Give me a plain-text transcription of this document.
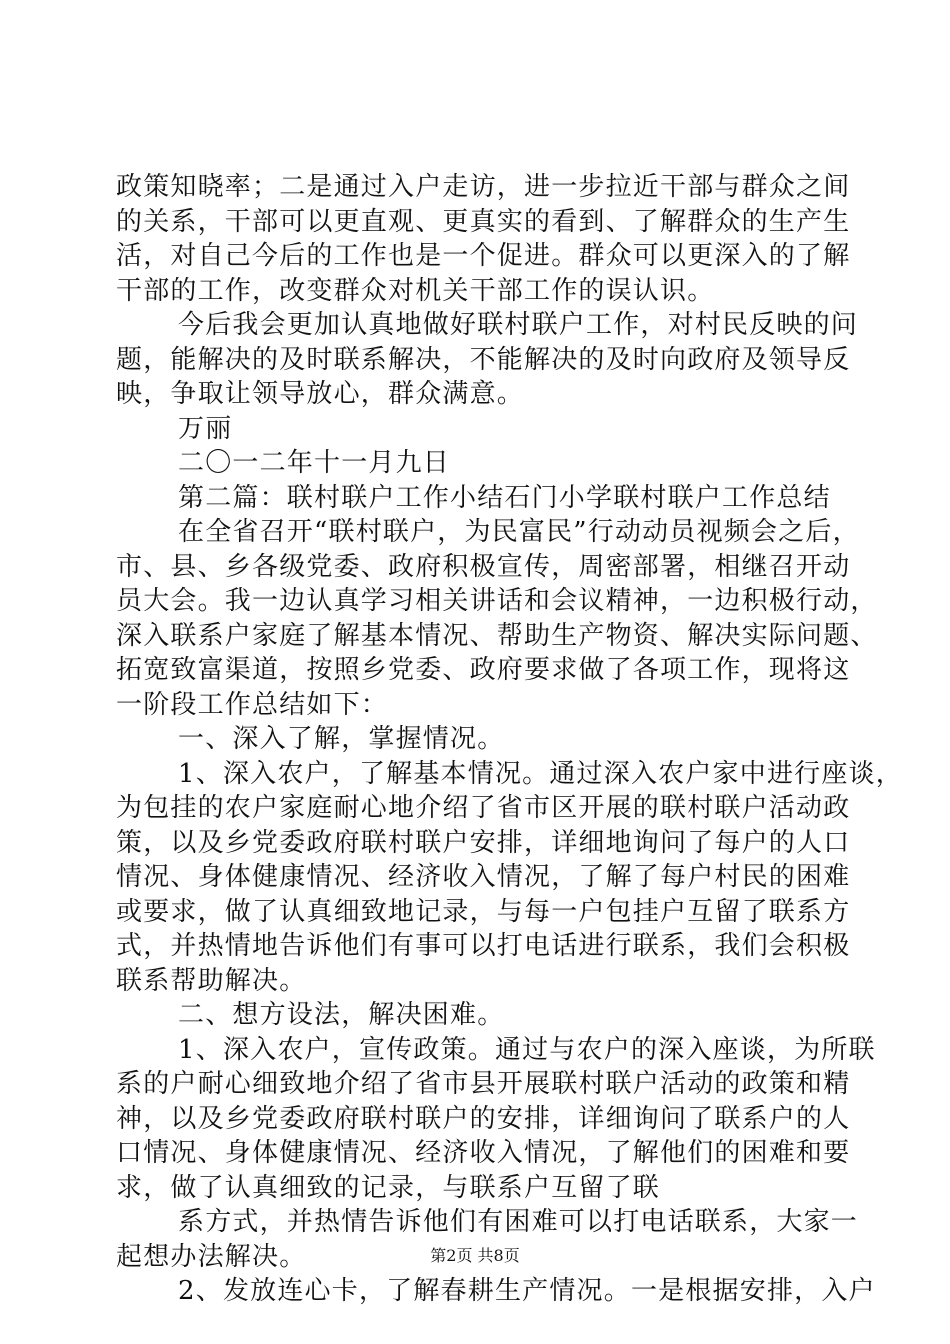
政策知晓率；二是通过入户走访，进一步拉近干部与群众之间
的关系，干部可以更直观、更真实的看到、了解群众的生产生
活，对自己今后的工作也是一个促进。群众可以更深入的了解
干部的工作，改变群众对机关干部工作的误认识。
今后我会更加认真地做好联村联户工作，对村民反映的问
题，能解决的及时联系解决，不能解决的及时向政府及领导反
映，争取让领导放心，群众满意。
万丽
二〇一二年十一月九日
第二篇：联村联户工作小结石门小学联村联户工作总结
在全省召开“联村联户，为民富民”行动动员视频会之后，
市、县、乡各级党委、政府积极宣传，周密部署，相继召开动
员大会。我一边认真学习相关讲话和会议精神，一边积极行动，
深入联系户家庭了解基本情况、帮助生产物资、解决实际问题、
拓宽致富渠道，按照乡党委、政府要求做了各项工作，现将这
一阶段工作总结如下：
一、深入了解，掌握情况。
1、深入农户，了解基本情况。通过深入农户家中进行座谈，
为包挂的农户家庭耐心地介绍了省市区开展的联村联户活动政
策，以及乡党委政府联村联户安排，详细地询问了每户的人口
情况、身体健康情况、经济收入情况，了解了每户村民的困难
或要求，做了认真细致地记录，与每一户包挂户互留了联系方
式，并热情地告诉他们有事可以打电话进行联系，我们会积极
联系帮助解决。
二、想方设法，解决困难。
1、深入农户，宣传政策。通过与农户的深入座谈，为所联
系的户耐心细致地介绍了省市县开展联村联户活动的政策和精
神，以及乡党委政府联村联户的安排，详细询问了联系户的人
口情况、身体健康情况、经济收入情况，了解他们的困难和要
求，做了认真细致的记录，与联系户互留了联
系方式，并热情告诉他们有困难可以打电话联系，大家一
起想办法解决。
2、发放连心卡，了解春耕生产情况。一是根据安排，入户
第2页 共8页
